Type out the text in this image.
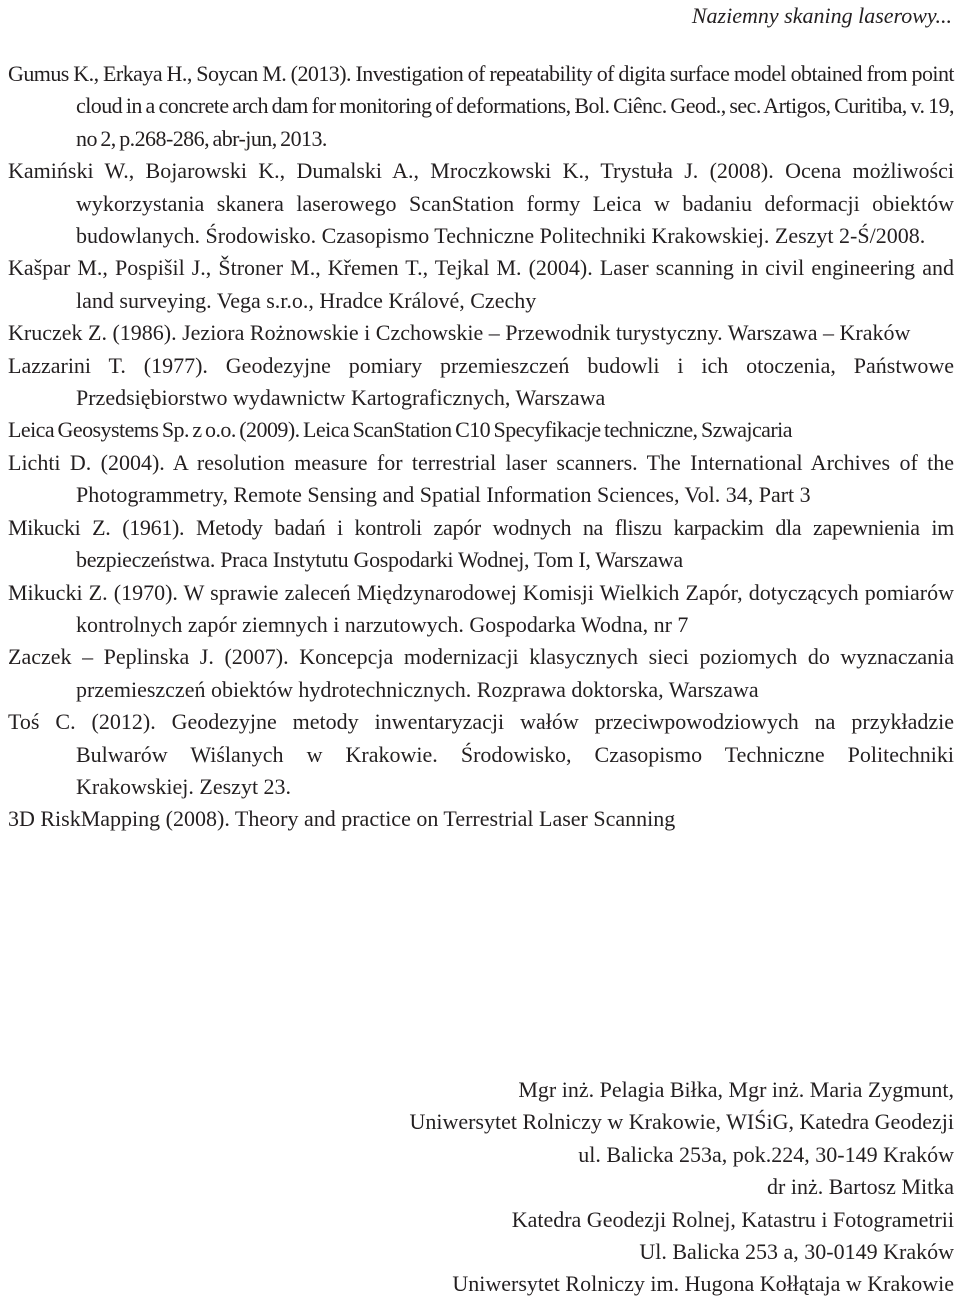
Naziemny skaning laserowy...
Gumus K., Erkaya H., Soycan M. (2013). Investigation of repeatability of digita surface model obtained from point cloud in a concrete arch dam for monitoring of deformations, Bol. Ciênc. Geod., sec. Artigos, Curitiba, v. 19, no 2, p.268-286, abr-jun, 2013.
Kamiński W., Bojarowski K., Dumalski A., Mroczkowski K., Trystuła J. (2008). Ocena możliwości wykorzystania skanera laserowego ScanStation formy Leica w badaniu deformacji obiektów budowlanych. Środowisko. Czasopismo Techniczne Politechniki Krakowskiej. Zeszyt 2-Ś/2008.
Kašpar M., Pospišil J., Štroner M., Křemen T., Tejkal M. (2004). Laser scanning in civil engineering and land surveying. Vega s.r.o., Hradce Králové, Czechy
Kruczek Z. (1986). Jeziora Rożnowskie i Czchowskie – Przewodnik turystyczny. Warszawa – Kraków
Lazzarini T. (1977). Geodezyjne pomiary przemieszczeń budowli i ich otoczenia, Państwowe Przedsiębiorstwo wydawnictw Kartograficznych, Warszawa
Leica Geosystems Sp. z o.o. (2009). Leica ScanStation C10 Specyfikacje techniczne, Szwajcaria
Lichti D. (2004). A resolution measure for terrestrial laser scanners. The International Archives of the Photogrammetry, Remote Sensing and Spatial Information Sciences, Vol. 34, Part 3
Mikucki Z. (1961). Metody badań i kontroli zapór wodnych na fliszu karpackim dla zapewnienia im bezpieczeństwa. Praca Instytutu Gospodarki Wodnej, Tom I, Warszawa
Mikucki Z. (1970). W sprawie zaleceń Międzynarodowej Komisji Wielkich Zapór, dotyczących pomiarów kontrolnych zapór ziemnych i narzutowych. Gospodarka Wodna, nr 7
Zaczek – Peplinska J. (2007). Koncepcja modernizacji klasycznych sieci poziomych do wyznaczania przemieszczeń obiektów hydrotechnicznych. Rozprawa doktorska, Warszawa
Toś C. (2012). Geodezyjne metody inwentaryzacji wałów przeciwpowodziowych na przykładzie Bulwarów Wiślanych w Krakowie. Środowisko, Czasopismo Techniczne Politechniki Krakowskiej. Zeszyt 23.
3D RiskMapping (2008). Theory and practice on Terrestrial Laser Scanning
Mgr inż. Pelagia Biłka, Mgr inż. Maria Zygmunt,
Uniwersytet Rolniczy w Krakowie, WIŚiG, Katedra Geodezji
ul. Balicka 253a, pok.224, 30-149 Kraków
dr inż. Bartosz Mitka
Katedra Geodezji Rolnej, Katastru i Fotogrametrii
Ul. Balicka 253 a, 30-0149 Kraków
Uniwersytet Rolniczy im. Hugona Kołłątaja w Krakowie
